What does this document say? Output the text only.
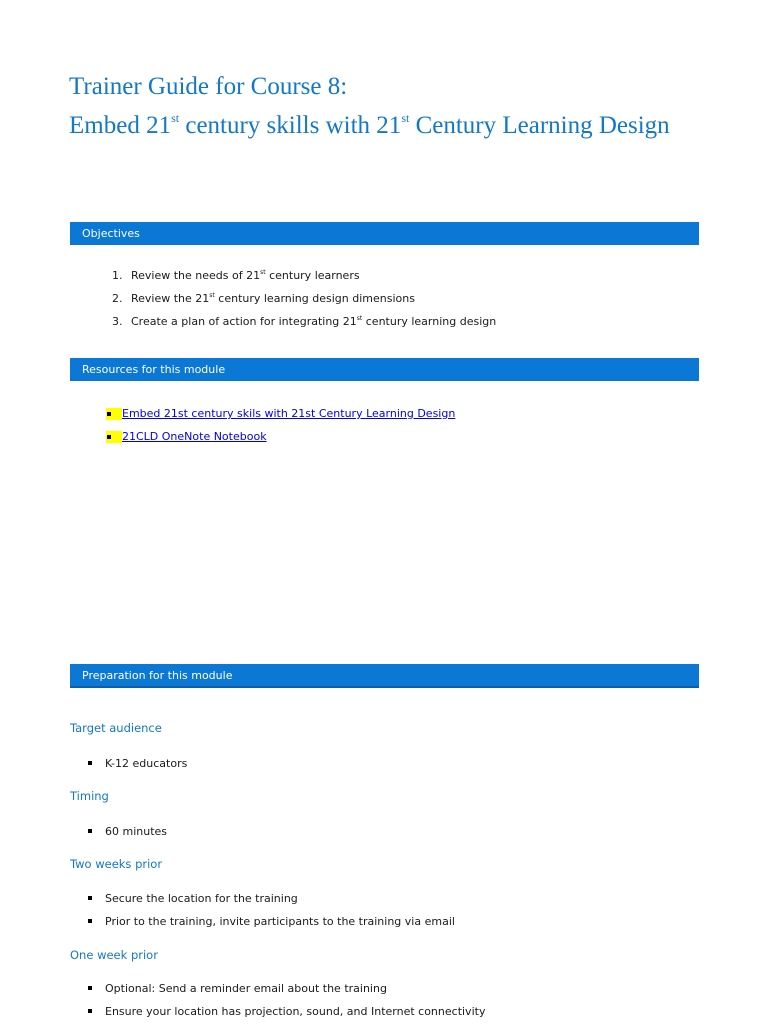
Trainer Guide for Course 8:
Embed 21st century skills with 21st Century Learning Design
Objectives
1. Review the needs of 21st century learners
2. Review the 21st century learning design dimensions
3. Create a plan of action for integrating 21st century learning design
Resources for this module
Embed 21st century skils with 21st Century Learning Design
21CLD OneNote Notebook
Preparation for this module
Target audience
K-12 educators
Timing
60 minutes
Two weeks prior
Secure the location for the training
Prior to the training, invite participants to the training via email
One week prior
Optional: Send a reminder email about the training
Ensure your location has projection, sound, and Internet connectivity
